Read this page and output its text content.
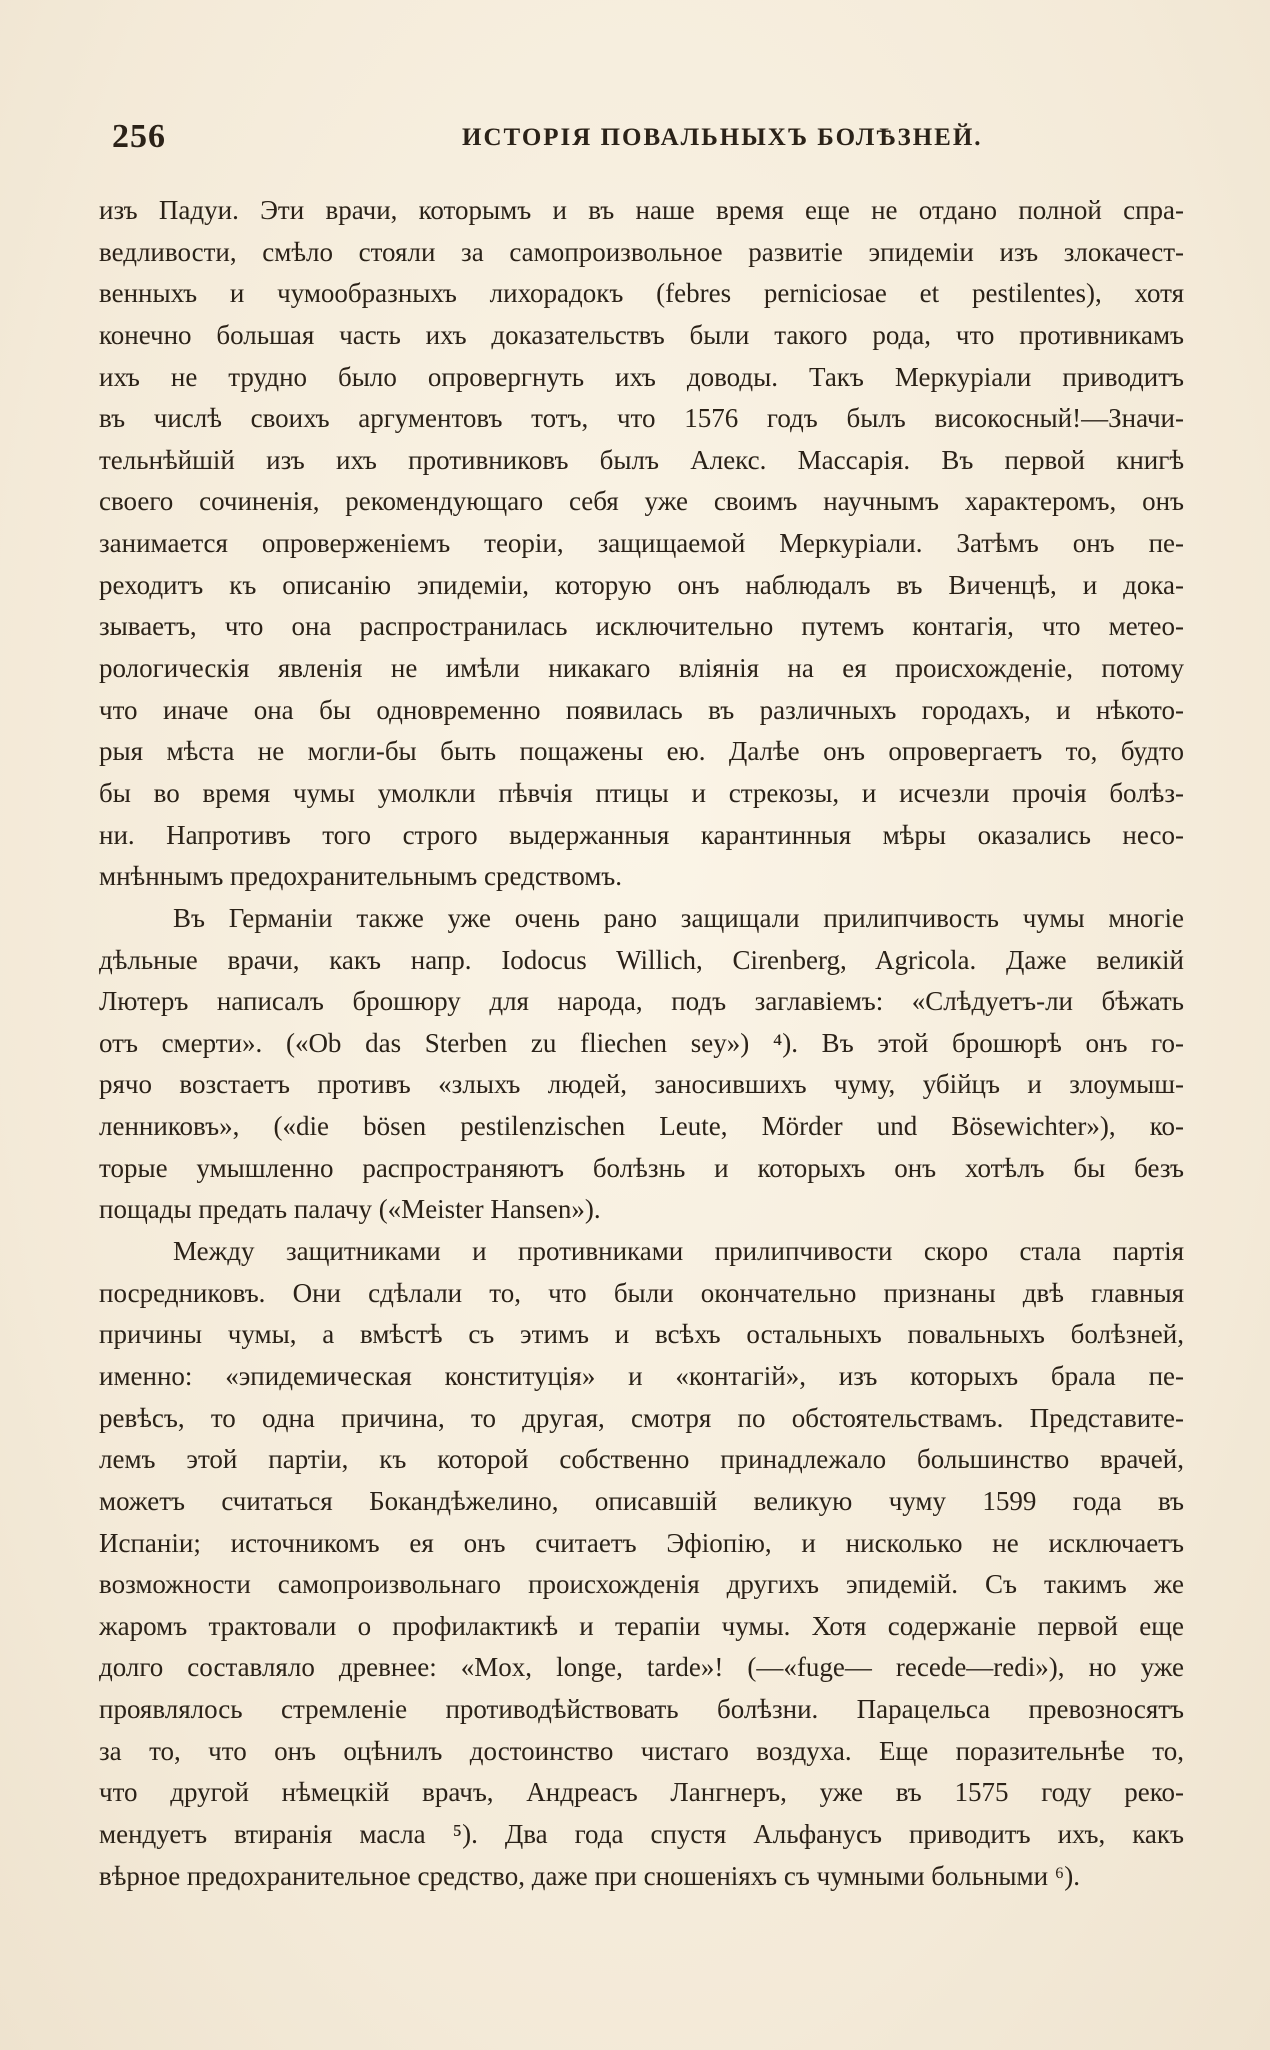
256	ИСТОРІЯ ПОВАЛЬНЫХЪ БОЛѢЗНЕЙ.
изъ Падуи. Эти врачи, которымъ и въ наше время еще не отдано полной спра-
ведливости, смѣло стояли за самопроизвольное развитіе эпидеміи изъ злокачест-
венныхъ и чумообразныхъ лихорадокъ (febres perniciosae et pestilentes), хотя
конечно большая часть ихъ доказательствъ были такого рода, что противникамъ
ихъ не трудно было опровергнуть ихъ доводы. Такъ Меркуріали приводитъ
въ числѣ своихъ аргументовъ тотъ, что 1576 годъ былъ високосный!—Значи-
тельнѣйшій изъ ихъ противниковъ былъ Алекс. Массарія. Въ первой книгѣ
своего сочиненія, рекомендующаго себя уже своимъ научнымъ характеромъ, онъ
занимается опроверженіемъ теоріи, защищаемой Меркуріали. Затѣмъ онъ пе-
реходитъ къ описанію эпидеміи, которую онъ наблюдалъ въ Виченцѣ, и дока-
зываетъ, что она распространилась исключительно путемъ контагія, что метео-
рологическія явленія не имѣли никакаго вліянія на ея происхожденіе, потому
что иначе она бы одновременно появилась въ различныхъ городахъ, и нѣкото-
рыя мѣста не могли-бы быть пощажены ею. Далѣе онъ опровергаетъ то, будто
бы во время чумы умолкли пѣвчія птицы и стрекозы, и исчезли прочія болѣз-
ни. Напротивъ того строго выдержанныя карантинныя мѣры оказались несо-
мнѣннымъ предохранительнымъ средствомъ.
Въ Германіи также уже очень рано защищали прилипчивость чумы многіе
дѣльные врачи, какъ напр. Iodocus Willich, Cirenberg, Agricola. Даже великій
Лютеръ написалъ брошюру для народа, подъ заглавіемъ: «Слѣдуетъ-ли бѣжать
отъ смерти». («Ob das Sterben zu fliechen sey») ⁴). Въ этой брошюрѣ онъ го-
рячо возстаетъ противъ «злыхъ людей, заносившихъ чуму, убійцъ и злоумыш-
ленниковъ», («die bösen pestilenzischen Leute, Mörder und Bösewichter»), ко-
торые умышленно распространяютъ болѣзнь и которыхъ онъ хотѣлъ бы безъ
пощады предать палачу («Meister Hansen»).
Между защитниками и противниками прилипчивости скоро стала партія
посредниковъ. Они сдѣлали то, что были окончательно признаны двѣ главныя
причины чумы, а вмѣстѣ съ этимъ и всѣхъ остальныхъ повальныхъ болѣзней,
именно: «эпидемическая конституція» и «контагій», изъ которыхъ брала пе-
ревѣсъ, то одна причина, то другая, смотря по обстоятельствамъ. Представите-
лемъ этой партіи, къ которой собственно принадлежало большинство врачей,
можетъ считаться Бокандѣжелино, описавшій великую чуму 1599 года въ
Испаніи; источникомъ ея онъ считаетъ Эфіопію, и нисколько не исключаетъ
возможности самопроизвольнаго происхожденія другихъ эпидемій. Съ такимъ же
жаромъ трактовали о профилактикѣ и терапіи чумы. Хотя содержаніе первой еще
долго составляло древнее: «Mox, longe, tarde»! (—«fuge— recede—redi»), но уже
проявлялось стремленіе противодѣйствовать болѣзни. Парацельса превозносятъ
за то, что онъ оцѣнилъ достоинство чистаго воздуха. Еще поразительнѣе то,
что другой нѣмецкій врачъ, Андреасъ Лангнеръ, уже въ 1575 году реко-
мендуетъ втиранія масла ⁵). Два года спустя Альфанусъ приводитъ ихъ, какъ
вѣрное предохранительное средство, даже при сношеніяхъ съ чумными больными ⁶).
